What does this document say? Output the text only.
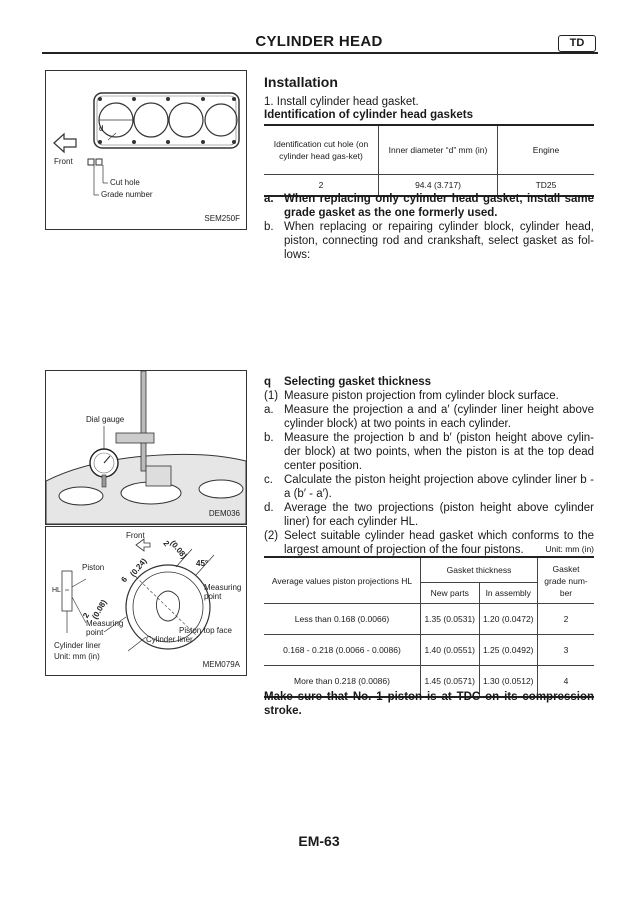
CYLINDER HEAD	TD
d
Front
Cut hole
Grade number
SEM250F
Dial gauge
DEM036
Front
2
(0.08)
45°
6
(0.24)
Piston
Measuring point
2 (0.08)
HL
Measuring point	Piston top face
Cylinder liner
Cylinder liner
Unit: mm (in)
MEM079A
Installation
1. Install cylinder head gasket.
Identification of cylinder head gaskets
Identification cut hole (on cylinder head gas-ket)	Inner diameter “d” mm (in)	Engine
2	94.4 (3.717)	TD25
a. When replacing only cylinder head gasket, install same grade gasket as the one formerly used.
b. When replacing or repairing cylinder block, cylinder head, piston, connecting rod and crankshaft, select gasket as fol-lows:
q	Selecting gasket thickness
(1) Measure piston projection from cylinder block surface.
a. Measure the projection a and a′ (cylinder liner height above cylinder block) at two points in each cylinder.
b. Measure the projection b and b′ (piston height above cylin-der block) at two points, when the piston is at the top dead center position.
c. Calculate the piston height projection above cylinder liner b - a (b′ - a′).
d. Average the two projections (piston height above cylinder liner) for each cylinder HL.
(2) Select suitable cylinder head gasket which conforms to the largest amount of projection of the four pistons.	Unit: mm (in)
Average values piston projections HL	Gasket thickness		Gasket grade num-ber
	New parts	In assembly	
Less than 0.168 (0.0066)	1.35 (0.0531)	1.20 (0.0472)	2
0.168 - 0.218 (0.0066 - 0.0086)	1.40 (0.0551)	1.25 (0.0492)	3
More than 0.218 (0.0086)	1.45 (0.0571)	1.30 (0.0512)	4
Make sure that No. 1 piston is at TDC on its compression stroke.
EM-63
